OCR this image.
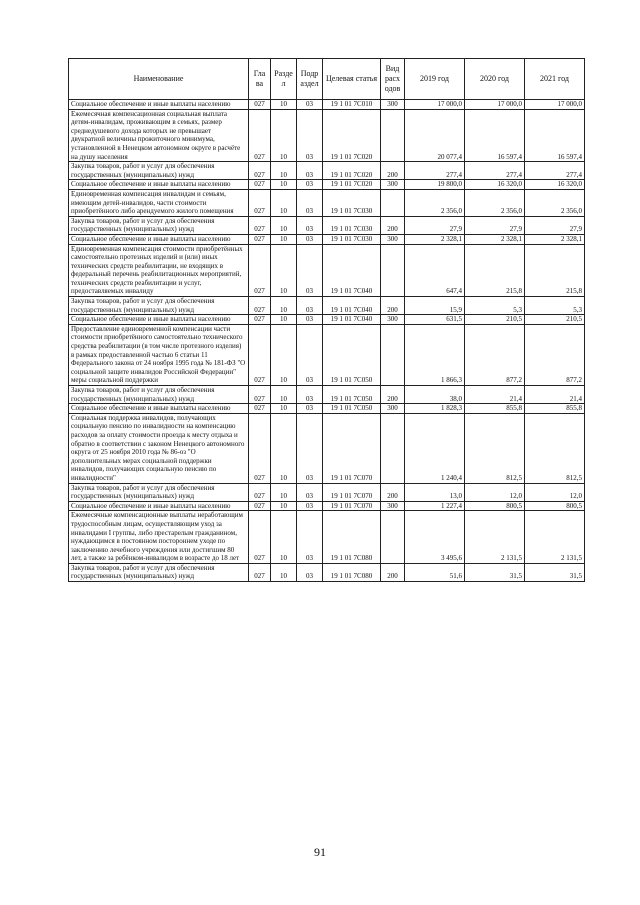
Наименование	Гла ва	Разде л	Подр аздел	Целевая статья	Вид расх одов	2019 год	2020 год	2021 год
Социальное обеспечение и иные выплаты населению	027	10	03	19 1 01 7С010	300	17 000,0	17 000,0	17 000,0
Ежемесячная компенсационная социальная выплата детям-инвалидам, проживающим в семьях, размер среднедушевого дохода которых не превышает двукратной величины прожиточного минимума, установленной в Ненецком автономном округе в расчёте на душу населения	027	10	03	19 1 01 7С020		20 077,4	16 597,4	16 597,4
Закупка товаров, работ и услуг для обеспечения государственных (муниципальных) нужд	027	10	03	19 1 01 7С020	200	277,4	277,4	277,4
Социальное обеспечение и иные выплаты населению	027	10	03	19 1 01 7С020	300	19 800,0	16 320,0	16 320,0
Единовременная компенсация инвалидам и семьям, имеющим детей-инвалидов, части стоимости приобретённого либо арендуемого жилого помещения	027	10	03	19 1 01 7С030		2 356,0	2 356,0	2 356,0
Закупка товаров, работ и услуг для обеспечения государственных (муниципальных) нужд	027	10	03	19 1 01 7С030	200	27,9	27,9	27,9
Социальное обеспечение и иные выплаты населению	027	10	03	19 1 01 7С030	300	2 328,1	2 328,1	2 328,1
Единовременная компенсация стоимости приобретённых самостоятельно протезных изделий и (или) иных технических средств реабилитации, не входящих в федеральный перечень реабилитационных мероприятий, технических средств реабилитации и услуг, предоставляемых инвалиду	027	10	03	19 1 01 7С040		647,4	215,8	215,8
Закупка товаров, работ и услуг для обеспечения государственных (муниципальных) нужд	027	10	03	19 1 01 7С040	200	15,9	5,3	5,3
Социальное обеспечение и иные выплаты населению	027	10	03	19 1 01 7С040	300	631,5	210,5	210,5
Предоставление единовременной компенсации части стоимости приобретённого самостоятельно технического средства реабилитации (в том числе протезного изделия) в рамках предоставленной частью 6 статьи 11 Федерального закона от 24 ноября 1995 года № 181-ФЗ "О социальной защите инвалидов Российской Федерации" меры социальной поддержки	027	10	03	19 1 01 7С050		1 866,3	877,2	877,2
Закупка товаров, работ и услуг для обеспечения государственных (муниципальных) нужд	027	10	03	19 1 01 7С050	200	38,0	21,4	21,4
Социальное обеспечение и иные выплаты населению	027	10	03	19 1 01 7С050	300	1 828,3	855,8	855,8
Социальная поддержка инвалидов, получающих социальную пенсию по инвалидности на компенсацию расходов за оплату стоимости проезда к месту отдыха и обратно в соответствии с законом Ненецкого автономного округа от 25 ноября 2010 года № 86-оз "О дополнительных мерах социальной поддержки инвалидов, получающих социальную пенсию по инвалидности"	027	10	03	19 1 01 7С070		1 240,4	812,5	812,5
Закупка товаров, работ и услуг для обеспечения государственных (муниципальных) нужд	027	10	03	19 1 01 7С070	200	13,0	12,0	12,0
Социальное обеспечение и иные выплаты населению	027	10	03	19 1 01 7С070	300	1 227,4	800,5	800,5
Ежемесячные компенсационные выплаты неработающим трудоспособным лицам, осуществляющим уход за инвалидами I группы, либо престарелым гражданином, нуждающимся в постоянном постороннем уходе по заключению лечебного учреждения или достигшим 80 лет, а также за ребёнком-инвалидом в возрасте до 18 лет	027	10	03	19 1 01 7С080		3 495,6	2 131,5	2 131,5
Закупка товаров, работ и услуг для обеспечения государственных (муниципальных) нужд	027	10	03	19 1 01 7С080	200	51,6	31,5	31,5
91
